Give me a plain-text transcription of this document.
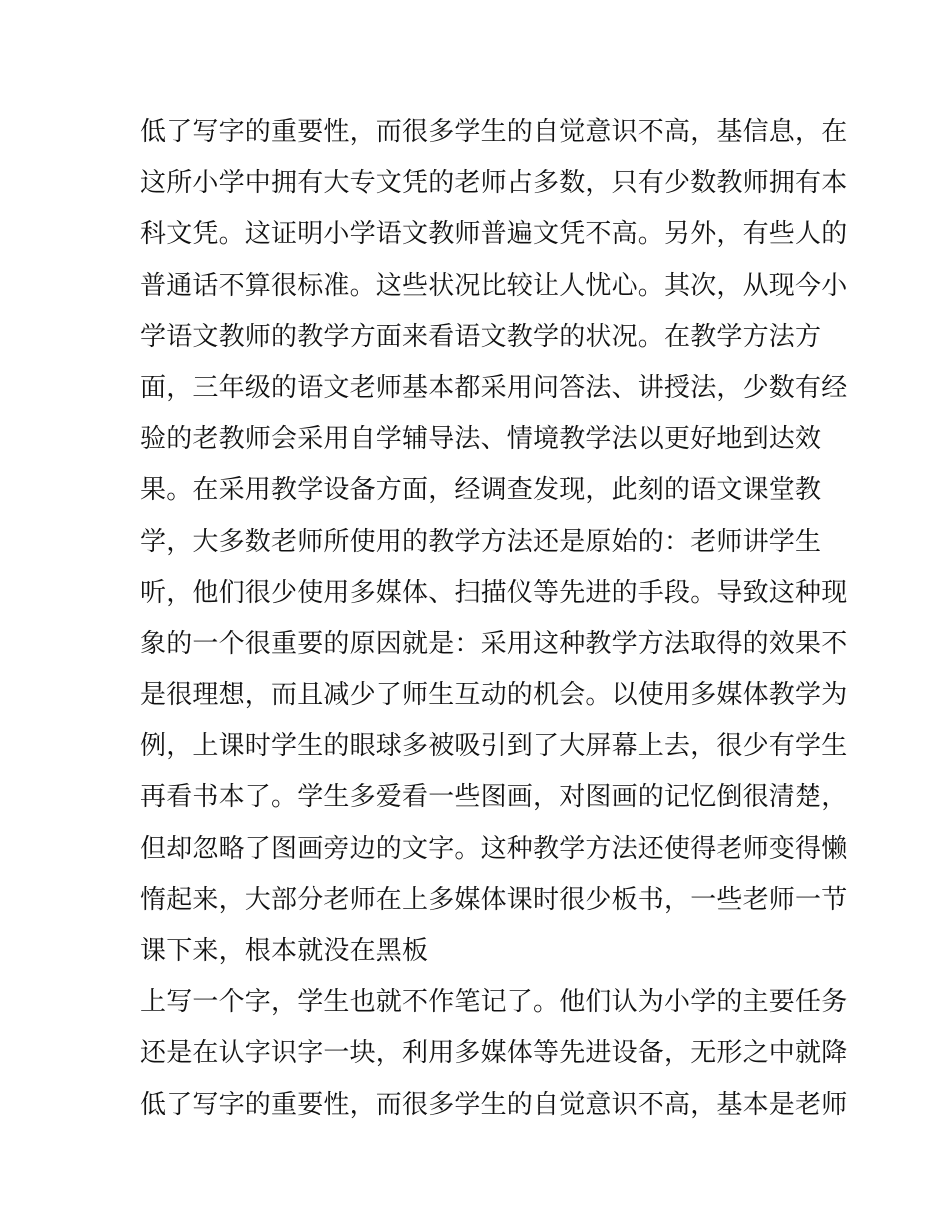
低了写字的重要性，而很多学生的自觉意识不高，基信息，在
这所小学中拥有大专文凭的老师占多数，只有少数教师拥有本
科文凭。这证明小学语文教师普遍文凭不高。另外，有些人的
普通话不算很标准。这些状况比较让人忧心。其次，从现今小
学语文教师的教学方面来看语文教学的状况。在教学方法方
面，三年级的语文老师基本都采用问答法、讲授法，少数有经
验的老教师会采用自学辅导法、情境教学法以更好地到达效
果。在采用教学设备方面，经调查发现，此刻的语文课堂教
学，大多数老师所使用的教学方法还是原始的：老师讲学生
听，他们很少使用多媒体、扫描仪等先进的手段。导致这种现
象的一个很重要的原因就是：采用这种教学方法取得的效果不
是很理想，而且减少了师生互动的机会。以使用多媒体教学为
例，上课时学生的眼球多被吸引到了大屏幕上去，很少有学生
再看书本了。学生多爱看一些图画，对图画的记忆倒很清楚，
但却忽略了图画旁边的文字。这种教学方法还使得老师变得懒
惰起来，大部分老师在上多媒体课时很少板书，一些老师一节
课下来，根本就没在黑板
上写一个字，学生也就不作笔记了。他们认为小学的主要任务
还是在认字识字一块，利用多媒体等先进设备，无形之中就降
低了写字的重要性，而很多学生的自觉意识不高，基本是老师
